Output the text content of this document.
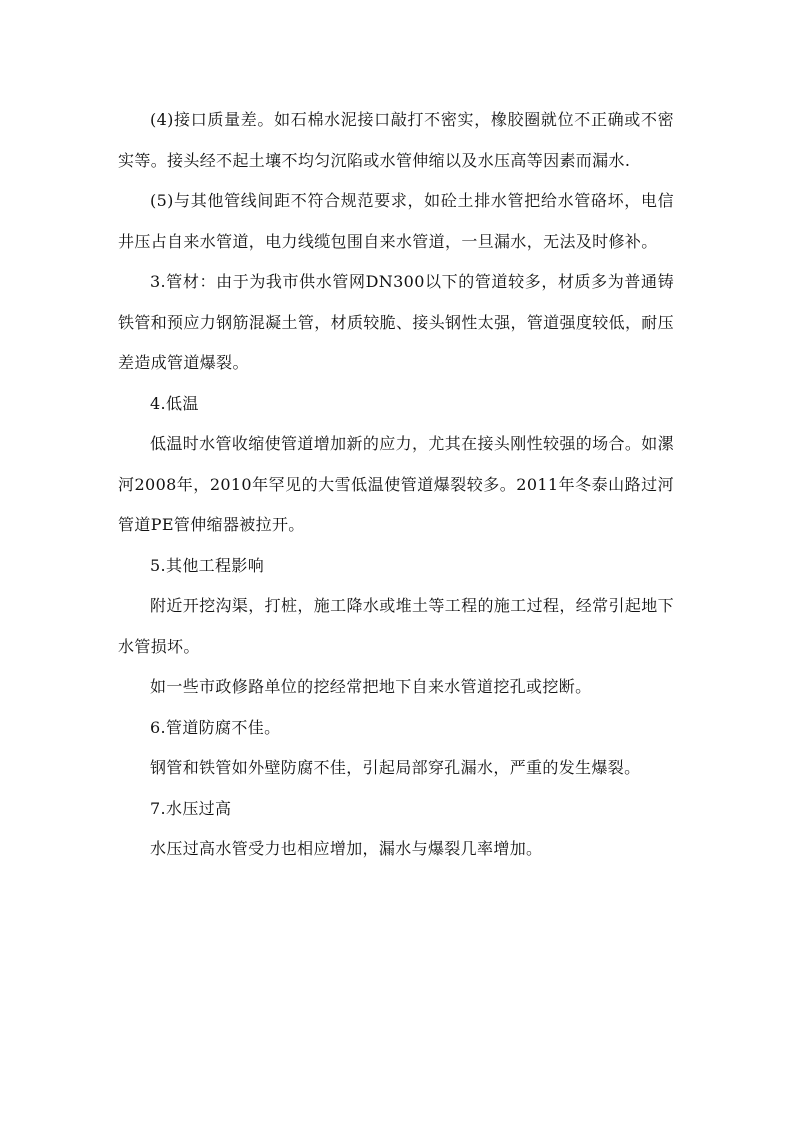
(4)接口质量差。如石棉水泥接口敲打不密实，橡胶圈就位不正确或不密实等。接头经不起土壤不均匀沉陷或水管伸缩以及水压高等因素而漏水.

(5)与其他管线间距不符合规范要求，如砼土排水管把给水管硌坏，电信井压占自来水管道，电力线缆包围自来水管道，一旦漏水，无法及时修补。

3.管材：由于为我市供水管网DN300以下的管道较多，材质多为普通铸铁管和预应力钢筋混凝土管，材质较脆、接头钢性太强，管道强度较低，耐压差造成管道爆裂。

4.低温

低温时水管收缩使管道增加新的应力，尤其在接头刚性较强的场合。如漯河2008年，2010年罕见的大雪低温使管道爆裂较多。2011年冬泰山路过河管道PE管伸缩器被拉开。

5.其他工程影响

附近开挖沟渠，打桩，施工降水或堆土等工程的施工过程，经常引起地下水管损坏。

如一些市政修路单位的挖经常把地下自来水管道挖孔或挖断。

6.管道防腐不佳。

钢管和铁管如外壁防腐不佳，引起局部穿孔漏水，严重的发生爆裂。

7.水压过高

水压过高水管受力也相应增加，漏水与爆裂几率增加。
